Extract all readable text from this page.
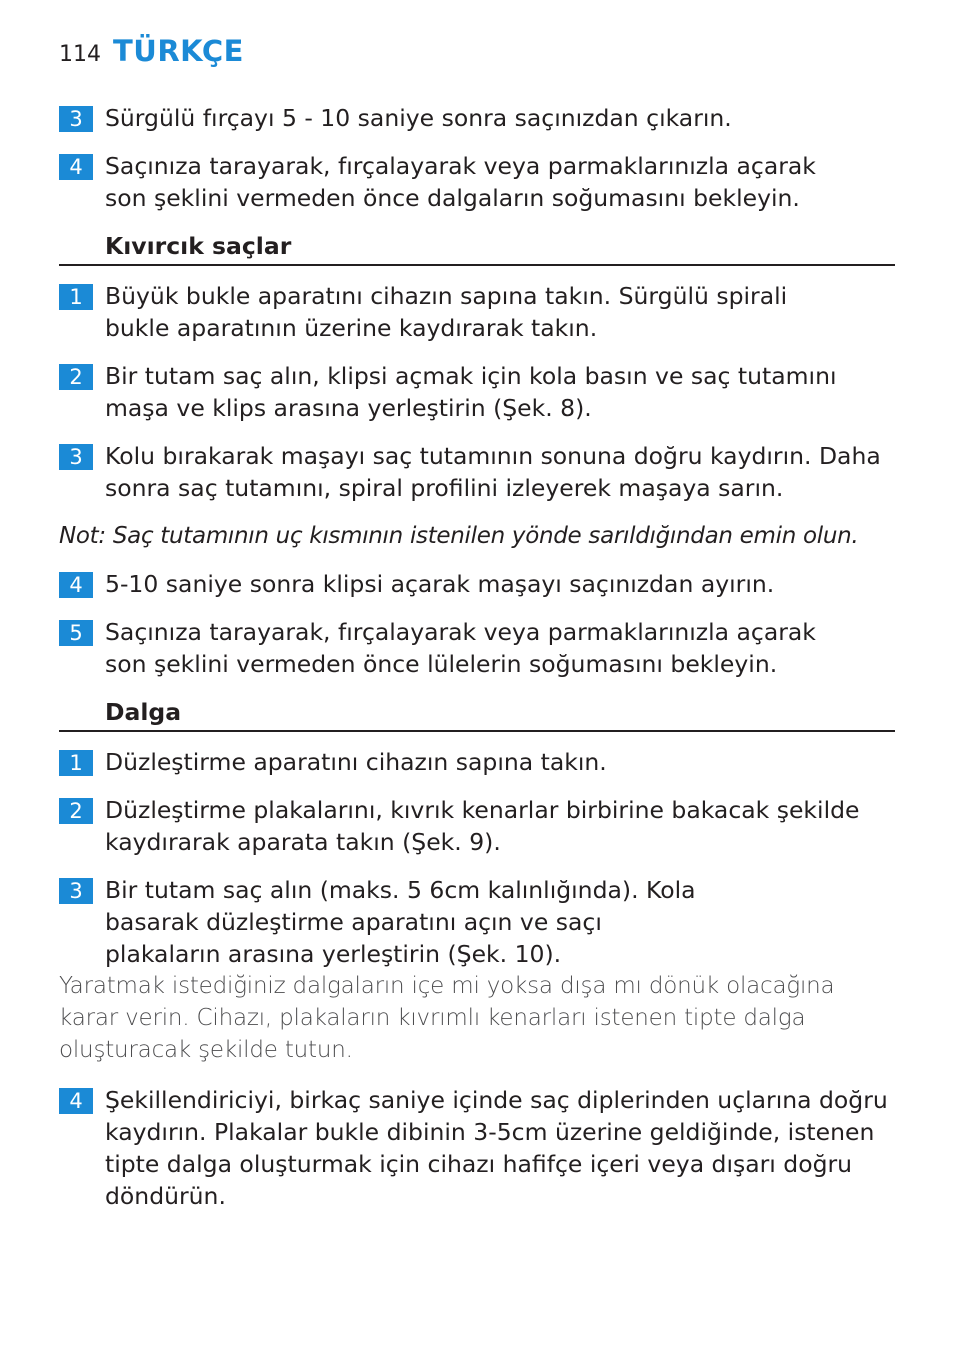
114 TÜRKÇE
3 Sürgülü fırçayı 5 - 10 saniye sonra saçınızdan çıkarın.
4 Saçınıza tarayarak, fırçalayarak veya parmaklarınızla açarak son şeklini vermeden önce dalgaların soğumasını bekleyin.
Kıvırcık saçlar
1 Büyük bukle aparatını cihazın sapına takın. Sürgülü spirali bukle aparatının üzerine kaydırarak takın.
2 Bir tutam saç alın, klipsi açmak için kola basın ve saç tutamını maşa ve klips arasına yerleştirin (Şek. 8).
3 Kolu bırakarak maşayı saç tutamının sonuna doğru kaydırın. Daha sonra saç tutamını, spiral profilini izleyerek maşaya sarın.
Not: Saç tutamının uç kısmının istenilen yönde sarıldığından emin olun.
4 5-10 saniye sonra klipsi açarak maşayı saçınızdan ayırın.
5 Saçınıza tarayarak, fırçalayarak veya parmaklarınızla açarak son şeklini vermeden önce lülelerin soğumasını bekleyin.
Dalga
1 Düzleştirme aparatını cihazın sapına takın.
2 Düzleştirme plakalarını, kıvrık kenarlar birbirine bakacak şekilde kaydırarak aparata takın (Şek. 9).
3 Bir tutam saç alın (maks. 5 6cm kalınlığında). Kola basarak düzleştirme aparatını açın ve saçı plakaların arasına yerleştirin (Şek. 10).
Yaratmak istediğiniz dalgaların içe mi yoksa dışa mı dönük olacağına karar verin. Cihazı, plakaların kıvrımlı kenarları istenen tipte dalga oluşturacak şekilde tutun.
4 Şekillendiriciyi, birkaç saniye içinde saç diplerinden uçlarına doğru kaydırın. Plakalar bukle dibinin 3-5cm üzerine geldiğinde, istenen tipte dalga oluşturmak için cihazı hafifçe içeri veya dışarı doğru döndürün.
